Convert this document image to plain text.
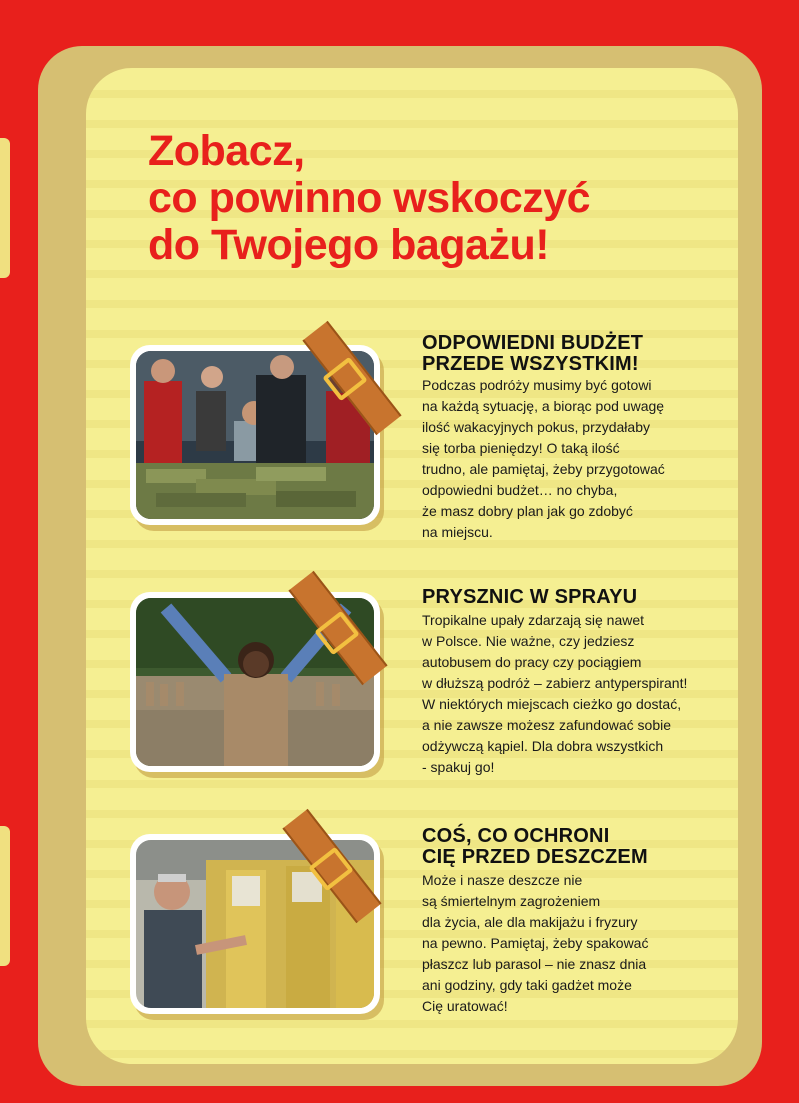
Zobacz,
co powinno wskoczyć
do Twojego bagażu!
ODPOWIEDNI BUDŻET
PRZEDE WSZYSTKIM!

Podczas podróży musimy być gotowi
na każdą sytuację, a biorąc pod uwagę
ilość wakacyjnych pokus, przydałaby
się torba pieniędzy! O taką ilość
trudno, ale pamiętaj, żeby przygotować
odpowiedni budżet… no chyba,
że masz dobry plan jak go zdobyć
na miejscu.

PRYSZNIC W SPRAYU

Tropikalne upały zdarzają się nawet
w Polsce. Nie ważne, czy jedziesz
autobusem do pracy czy pociągiem
w dłuższą podróż – zabierz antyperspirant!
W niektórych miejscach cieżko go dostać,
a nie zawsze możesz zafundować sobie
odżywczą kąpiel. Dla dobra wszystkich
- spakuj go!

COŚ, CO OCHRONI
CIĘ PRZED DESZCZEM

Może i nasze deszcze nie
są śmiertelnym zagrożeniem
dla życia, ale dla makijażu i fryzury
na pewno. Pamiętaj, żeby spakować
płaszcz lub parasol – nie znasz dnia
ani godziny, gdy taki gadżet może
Cię uratować!
